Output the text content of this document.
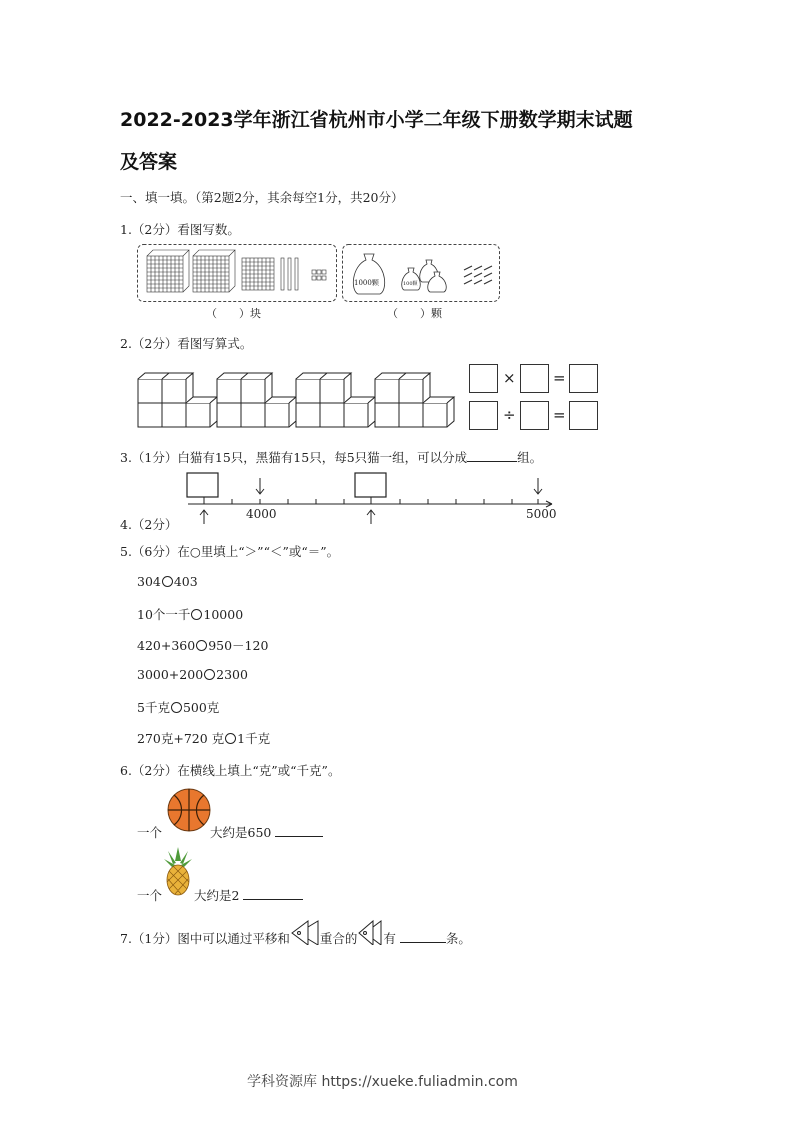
2022-2023学年浙江省杭州市小学二年级下册数学期末试题
及答案
一、填一填。（第2题2分，其余每空1分，共20分）
1.（2分）看图写数。
1000颗	100颗
（　　）块	（　　）颗
2.（2分）看图写算式。
× =
÷ =
3.（1分）白猫有15只，黑猫有15只，每5只猫一组，可以分成	组。
4.（2分）
4000	5000
5.（6分）在○里填上“＞”“＜”或“＝”。
304 403
10个一千 10000
420+360 950－120
3000+200 2300
5千克 500克
270克+720 克 1千克
6.（2分）在横线上填上“克”或“千克”。
一个	大约是650
一个	大约是2
7.（1分）图中可以通过平移和 重合的 有	条。
学科资源库 https://xueke.fuliadmin.com
